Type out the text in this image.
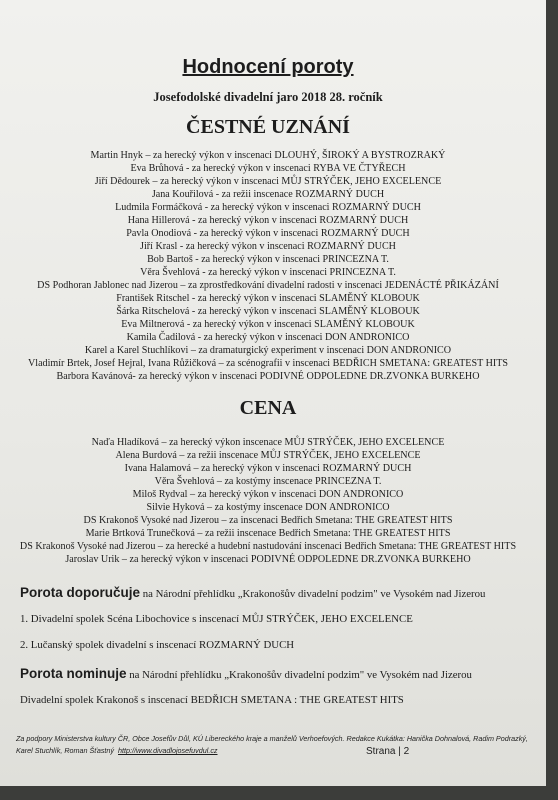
Hodnocení poroty
Josefodolské divadelní jaro 2018 28. ročník
ČESTNÉ UZNÁNÍ
Martin Hnyk – za herecký výkon v inscenaci DLOUHÝ, ŠIROKÝ A BYSTROZRAKÝ
Eva Brůhová - za herecký výkon v inscenaci RYBA VE ČTYŘECH
Jiří Dědourek – za herecký výkon v inscenaci MŮJ STRÝČEK, JEHO EXCELENCE
Jana Kouřilová - za režii inscenace ROZMARNÝ DUCH
Ludmila Formáčková - za herecký výkon v inscenaci ROZMARNÝ DUCH
Hana Hillerová - za herecký výkon v inscenaci ROZMARNÝ DUCH
Pavla Onodiová - za herecký výkon v inscenaci ROZMARNÝ DUCH
Jiří Krasl - za herecký výkon v inscenaci ROZMARNÝ DUCH
Bob Bartoš - za herecký výkon v inscenaci PRINCEZNA T.
Věra Švehlová - za herecký výkon v inscenaci PRINCEZNA T.
DS Podhoran Jablonec nad Jizerou – za zprostředkování divadelní radosti v inscenaci JEDENÁCTÉ PŘIKÁZÁNÍ
František Ritschel - za herecký výkon v inscenaci SLAMĚNÝ KLOBOUK
Šárka Ritschelová - za herecký výkon v inscenaci SLAMĚNÝ KLOBOUK
Eva Miltnerová - za herecký výkon v inscenaci SLAMĚNÝ KLOBOUK
Kamila Čadilová - za herecký výkon v inscenaci DON ANDRONICO
Karel a Karel Stuchlíkovi – za dramaturgický experiment v inscenaci DON ANDRONICO
Vladimír Brtek, Josef Hejral, Ivana Růžičková – za scénografii v inscenaci BEDŘICH SMETANA: GREATEST HITS
Barbora Kavánová- za herecký výkon v inscenaci PODIVNÉ ODPOLEDNE DR.ZVONKA BURKEHO
CENA
Naďa Hladíková – za herecký výkon inscenace MŮJ STRÝČEK, JEHO EXCELENCE
Alena Burdová – za režii inscenace MŮJ STRÝČEK, JEHO EXCELENCE
Ivana Halamová – za herecký výkon v inscenaci ROZMARNÝ DUCH
Věra Švehlová – za kostýmy inscenace PRINCEZNA T.
Miloš Rydval – za herecký výkon v inscenaci DON ANDRONICO
Silvie Hyková – za kostýmy inscenace DON ANDRONICO
DS Krakonoš Vysoké nad Jizerou – za inscenaci Bedřich Smetana: THE GREATEST HITS
Marie Brtková Trunečková – za režii inscenace Bedřich Smetana: THE GREATEST HITS
DS Krakonoš Vysoké nad Jizerou – za herecké a hudební nastudování inscenaci Bedřich Smetana: THE GREATEST HITS
Jaroslav Urik – za herecký výkon v inscenaci PODIVNÉ ODPOLEDNE DR.ZVONKA BURKEHO
Porota doporučuje na Národní přehlídku „Krakonošův divadelní podzim" ve Vysokém nad Jizerou
1. Divadelní spolek Scéna Libochovice s inscenací MŮJ STRÝČEK, JEHO EXCELENCE
2. Lučanský spolek divadelní s inscenací ROZMARNÝ DUCH
Porota nominuje na Národní přehlídku „Krakonošův divadelní podzim" ve Vysokém nad Jizerou
Divadelní spolek Krakonoš s inscenací BEDŘICH SMETANA : THE GREATEST HITS
Za podpory Ministerstva kultury ČR, Obce Josefův Důl, KÚ Libereckého kraje a manželů Verhoefových. Redakce Kukátka: Hanička Dohnalová, Radim Podrazký,
Karel Stuchlík, Roman Šťastný http://www.divadlojosefuvdul.cz	Strana | 2
